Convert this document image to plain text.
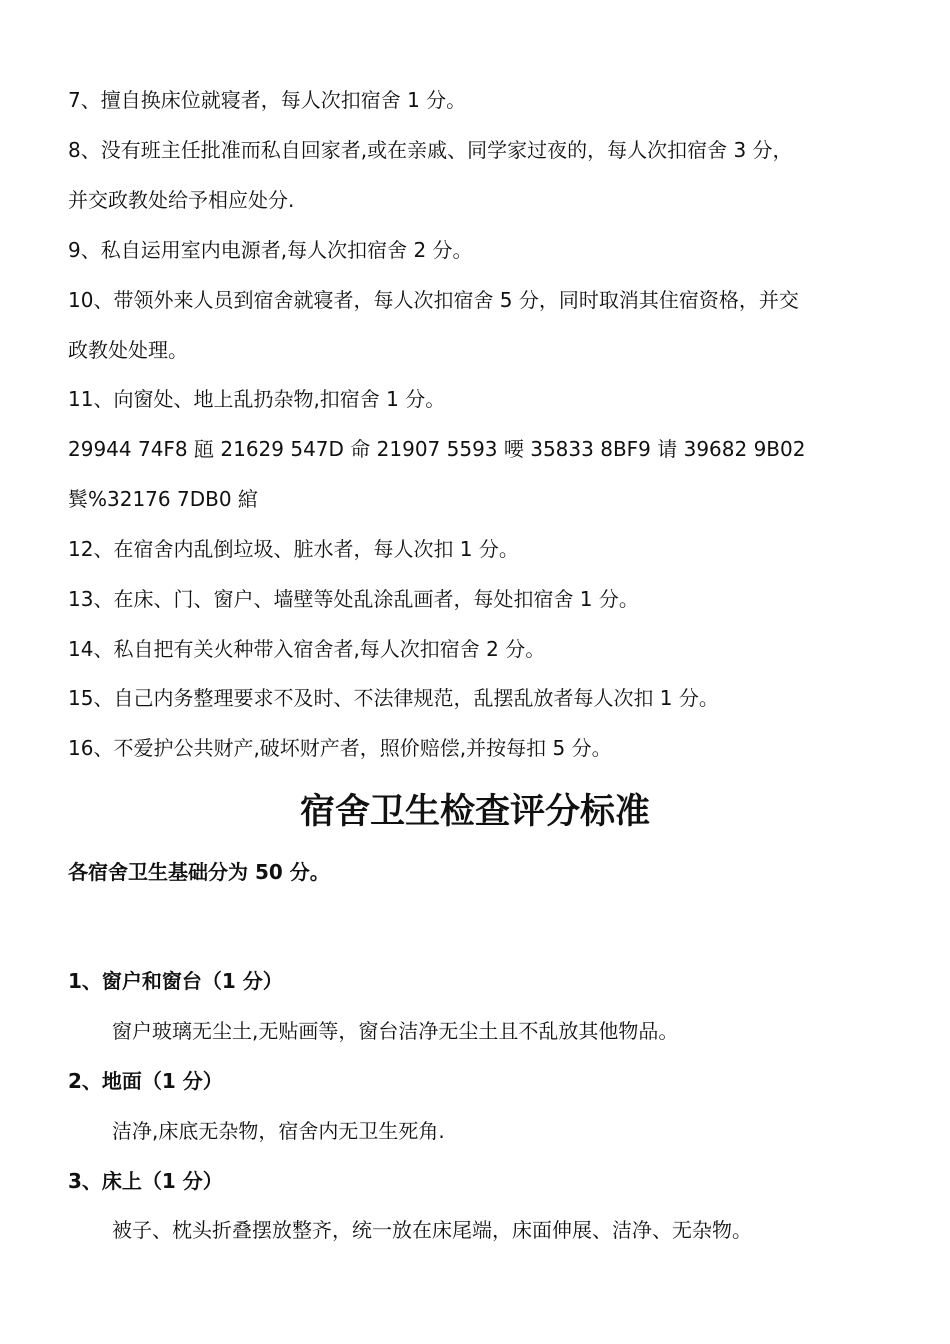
7、擅自换床位就寝者，每人次扣宿舍 1 分。
8、没有班主任批准而私自回家者,或在亲戚、同学家过夜的，每人次扣宿舍 3 分，
并交政教处给予相应处分.
9、私自运用室内电源者,每人次扣宿舍 2 分。
10、带领外来人员到宿舍就寝者，每人次扣宿舍 5 分，同时取消其住宿资格，并交
政教处处理。
11、向窗处、地上乱扔杂物,扣宿舍 1 分。
29944 74F8 瓸 21629 547D 命 21907 5593 喓 35833 8BF9 请 39682 9B02
鬂%32176 7DB0 綰
12、在宿舍内乱倒垃圾、脏水者，每人次扣 1 分。
13、在床、门、窗户、墙壁等处乱涂乱画者，每处扣宿舍 1 分。
14、私自把有关火种带入宿舍者,每人次扣宿舍 2 分。
15、自己内务整理要求不及时、不法律规范，乱摆乱放者每人次扣 1 分。
16、不爱护公共财产,破坏财产者，照价赔偿,并按每扣 5 分。
宿舍卫生检查评分标准
各宿舍卫生基础分为 50 分。
1、窗户和窗台（1 分）
窗户玻璃无尘土,无贴画等，窗台洁净无尘土且不乱放其他物品。
2、地面（1 分）
洁净,床底无杂物，宿舍内无卫生死角.
3、床上（1 分）
被子、枕头折叠摆放整齐，统一放在床尾端，床面伸展、洁净、无杂物。
